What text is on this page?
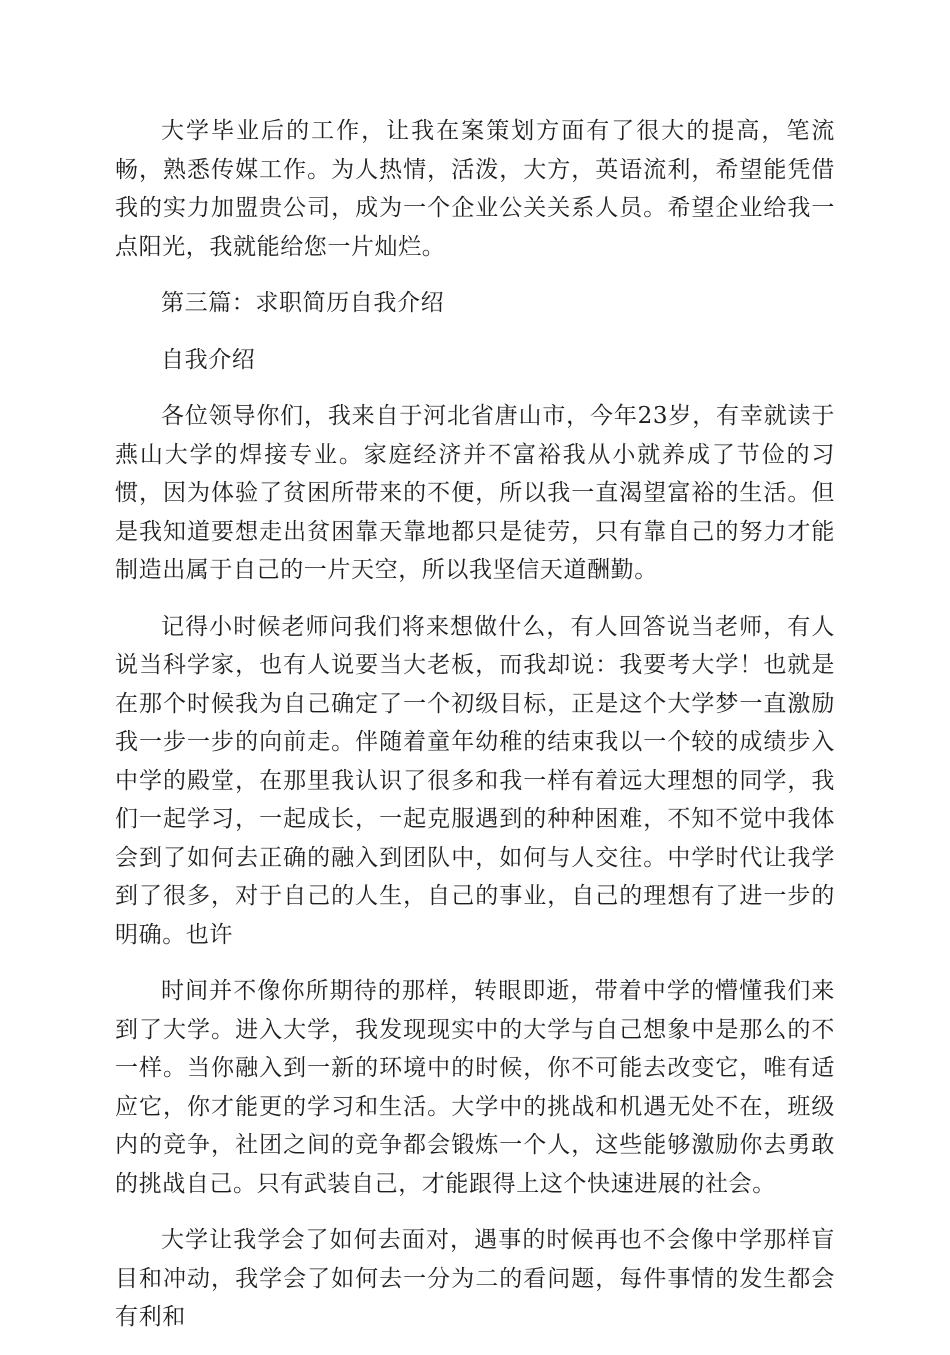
大学毕业后的工作，让我在案策划方面有了很大的提高，笔流畅，熟悉传媒工作。为人热情，活泼，大方，英语流利，希望能凭借我的实力加盟贵公司，成为一个企业公关关系人员。希望企业给我一点阳光，我就能给您一片灿烂。

第三篇：求职简历自我介绍

自我介绍

各位领导你们，我来自于河北省唐山市，今年23岁，有幸就读于燕山大学的焊接专业。家庭经济并不富裕我从小就养成了节俭的习惯，因为体验了贫困所带来的不便，所以我一直渴望富裕的生活。但是我知道要想走出贫困靠天靠地都只是徒劳，只有靠自己的努力才能制造出属于自己的一片天空，所以我坚信天道酬勤。

记得小时候老师问我们将来想做什么，有人回答说当老师，有人说当科学家，也有人说要当大老板，而我却说：我要考大学！也就是在那个时候我为自己确定了一个初级目标，正是这个大学梦一直激励我一步一步的向前走。伴随着童年幼稚的结束我以一个较的成绩步入中学的殿堂，在那里我认识了很多和我一样有着远大理想的同学，我们一起学习，一起成长，一起克服遇到的种种困难，不知不觉中我体会到了如何去正确的融入到团队中，如何与人交往。中学时代让我学到了很多，对于自己的人生，自己的事业，自己的理想有了进一步的明确。也许

时间并不像你所期待的那样，转眼即逝，带着中学的懵懂我们来到了大学。进入大学，我发现现实中的大学与自己想象中是那么的不一样。当你融入到一新的环境中的时候，你不可能去改变它，唯有适应它，你才能更的学习和生活。大学中的挑战和机遇无处不在，班级内的竞争，社团之间的竞争都会锻炼一个人，这些能够激励你去勇敢的挑战自己。只有武装自己，才能跟得上这个快速进展的社会。

大学让我学会了如何去面对，遇事的时候再也不会像中学那样盲目和冲动，我学会了如何去一分为二的看问题，每件事情的发生都会有利和
